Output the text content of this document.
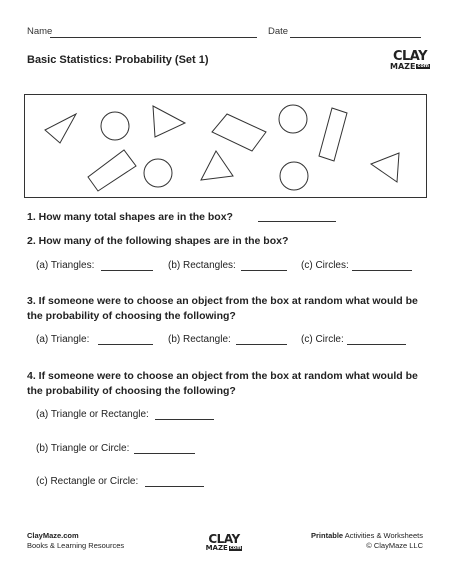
Name	Date
Basic Statistics: Probability (Set 1)	CLAY
MAZE com
1. How many total shapes are in the box?
2. How many of the following shapes are in the box?
(a) Triangles:	(b) Rectangles:	(c) Circles:
3. If someone were to choose an object from the box at random what would be
the probability of choosing the following?
(a) Triangle:	(b) Rectangle:	(c) Circle:
4. If someone were to choose an object from the box at random what would be
the probability of choosing the following?
(a) Triangle or Rectangle:
(b) Triangle or Circle:
(c) Rectangle or Circle:
ClayMaze.com
Books & Learning Resources	CLAY
MAZE com
Printable Activities & Worksheets
© ClayMaze LLC
